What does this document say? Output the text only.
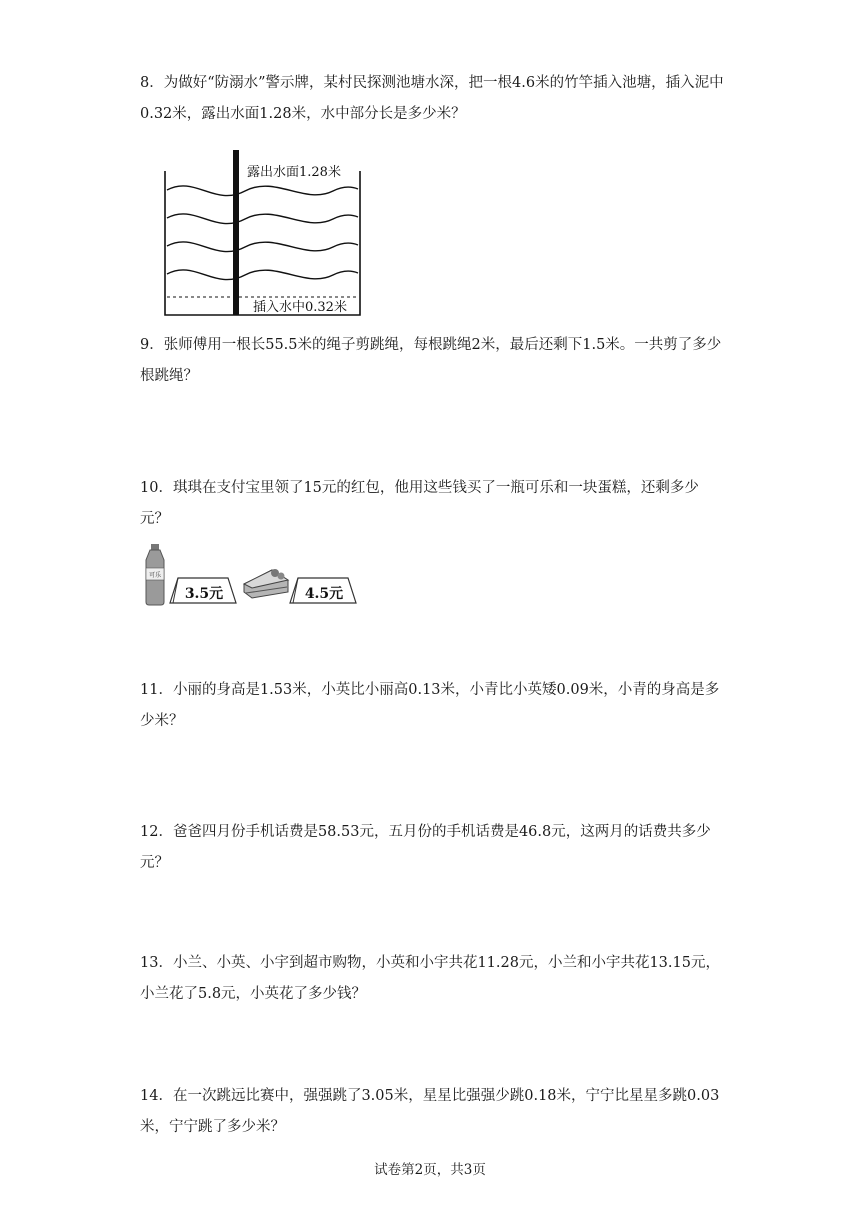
8．为做好“防溺水”警示牌，某村民探测池塘水深，把一根4.6米的竹竿插入池塘，插入泥中0.32米，露出水面1.28米，水中部分长是多少米？

露出水面1.28米
插入水中0.32米

9．张师傅用一根长55.5米的绳子剪跳绳，每根跳绳2米，最后还剩下1.5米。一共剪了多少根跳绳？

10．琪琪在支付宝里领了15元的红包，他用这些钱买了一瓶可乐和一块蛋糕，还剩多少元？

可乐
3.5元	4.5元

11．小丽的身高是1.53米，小英比小丽高0.13米，小青比小英矮0.09米，小青的身高是多少米？

12．爸爸四月份手机话费是58.53元，五月份的手机话费是46.8元，这两月的话费共多少元？

13．小兰、小英、小宇到超市购物，小英和小宇共花11.28元，小兰和小宇共花13.15元，小兰花了5.8元，小英花了多少钱？

14．在一次跳远比赛中，强强跳了3.05米，星星比强强少跳0.18米，宁宁比星星多跳0.03米，宁宁跳了多少米？

试卷第2页，共3页
